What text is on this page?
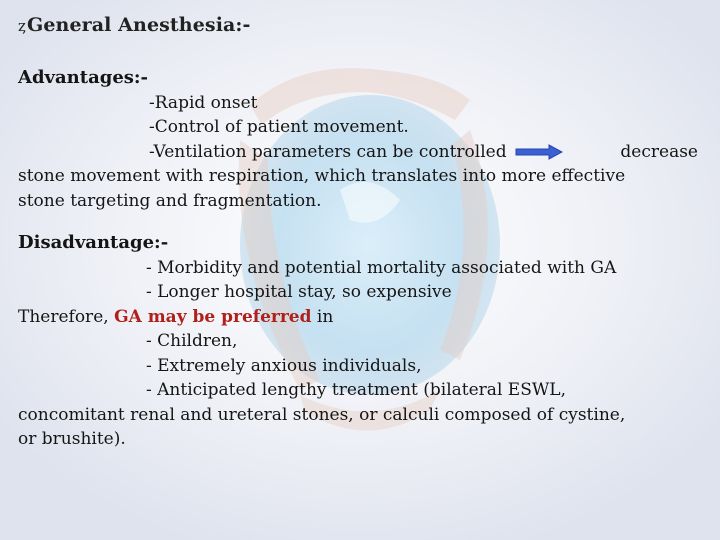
ȥGeneral Anesthesia:-
Advantages:-
-Rapid onset
-Control of patient movement.
-Ventilation parameters can be controlled	decrease
stone movement with respiration, which translates into more effective
stone targeting and fragmentation.
Disadvantage:-
- Morbidity and potential mortality associated with GA
- Longer hospital stay, so expensive
Therefore, GA may be preferred in
- Children,
- Extremely anxious individuals,
- Anticipated lengthy treatment (bilateral ESWL,
concomitant renal and ureteral stones, or calculi composed of cystine,
or brushite).
